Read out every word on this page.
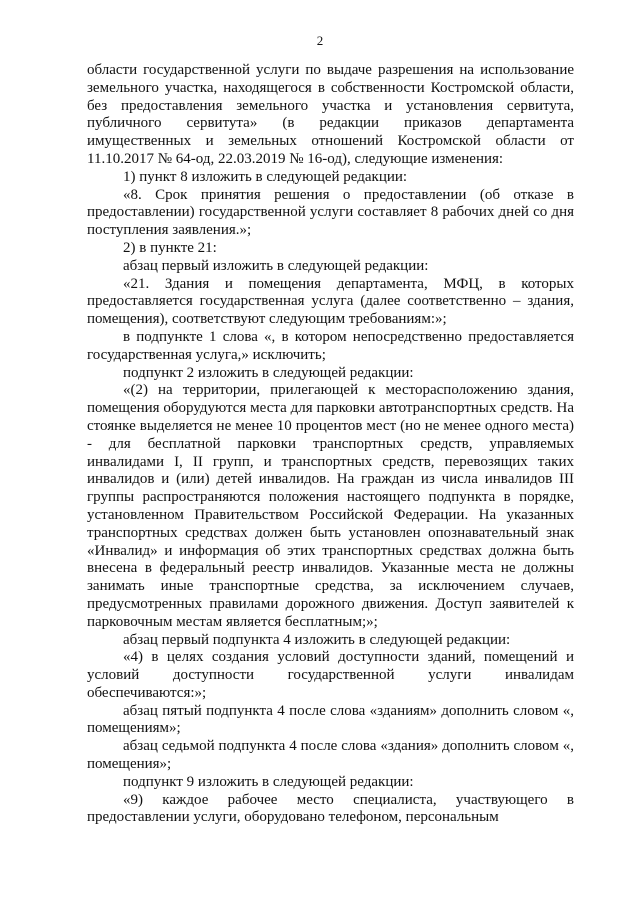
2

области государственной услуги по выдаче разрешения на использование земельного участка, находящегося в собственности Костромской области, без предоставления земельного участка и установления сервитута, публичного сервитута» (в редакции приказов департамента имущественных и земельных отношений Костромской области от 11.10.2017 № 64-од, 22.03.2019 № 16-од), следующие изменения:

1) пункт 8 изложить в следующей редакции:

«8. Срок принятия решения о предоставлении (об отказе в предоставлении) государственной услуги составляет 8 рабочих дней со дня поступления заявления.»;

2) в пункте 21:

абзац первый изложить в следующей редакции:

«21. Здания и помещения департамента, МФЦ, в которых предоставляется государственная услуга (далее соответственно – здания, помещения), соответствуют следующим требованиям:»;

в подпункте 1 слова «, в котором непосредственно предоставляется государственная услуга,» исключить;

подпункт 2 изложить в следующей редакции:

«(2) на территории, прилегающей к месторасположению здания, помещения оборудуются места для парковки автотранспортных средств. На стоянке выделяется не менее 10 процентов мест (но не менее одного места) - для бесплатной парковки транспортных средств, управляемых инвалидами I, II групп, и транспортных средств, перевозящих таких инвалидов и (или) детей инвалидов. На граждан из числа инвалидов III группы распространяются положения настоящего подпункта в порядке, установленном Правительством Российской Федерации. На указанных транспортных средствах должен быть установлен опознавательный знак «Инвалид» и информация об этих транспортных средствах должна быть внесена в федеральный реестр инвалидов. Указанные места не должны занимать иные транспортные средства, за исключением случаев, предусмотренных правилами дорожного движения. Доступ заявителей к парковочным местам является бесплатным;»;

абзац первый подпункта 4 изложить в следующей редакции:

«4) в целях создания условий доступности зданий, помещений и условий доступности государственной услуги инвалидам обеспечиваются:»;

абзац пятый подпункта 4 после слова «зданиям» дополнить словом «, помещениям»;

абзац седьмой подпункта 4 после слова «здания» дополнить словом «, помещения»;

подпункт 9 изложить в следующей редакции:

«9) каждое рабочее место специалиста, участвующего в предоставлении услуги, оборудовано телефоном, персональным
